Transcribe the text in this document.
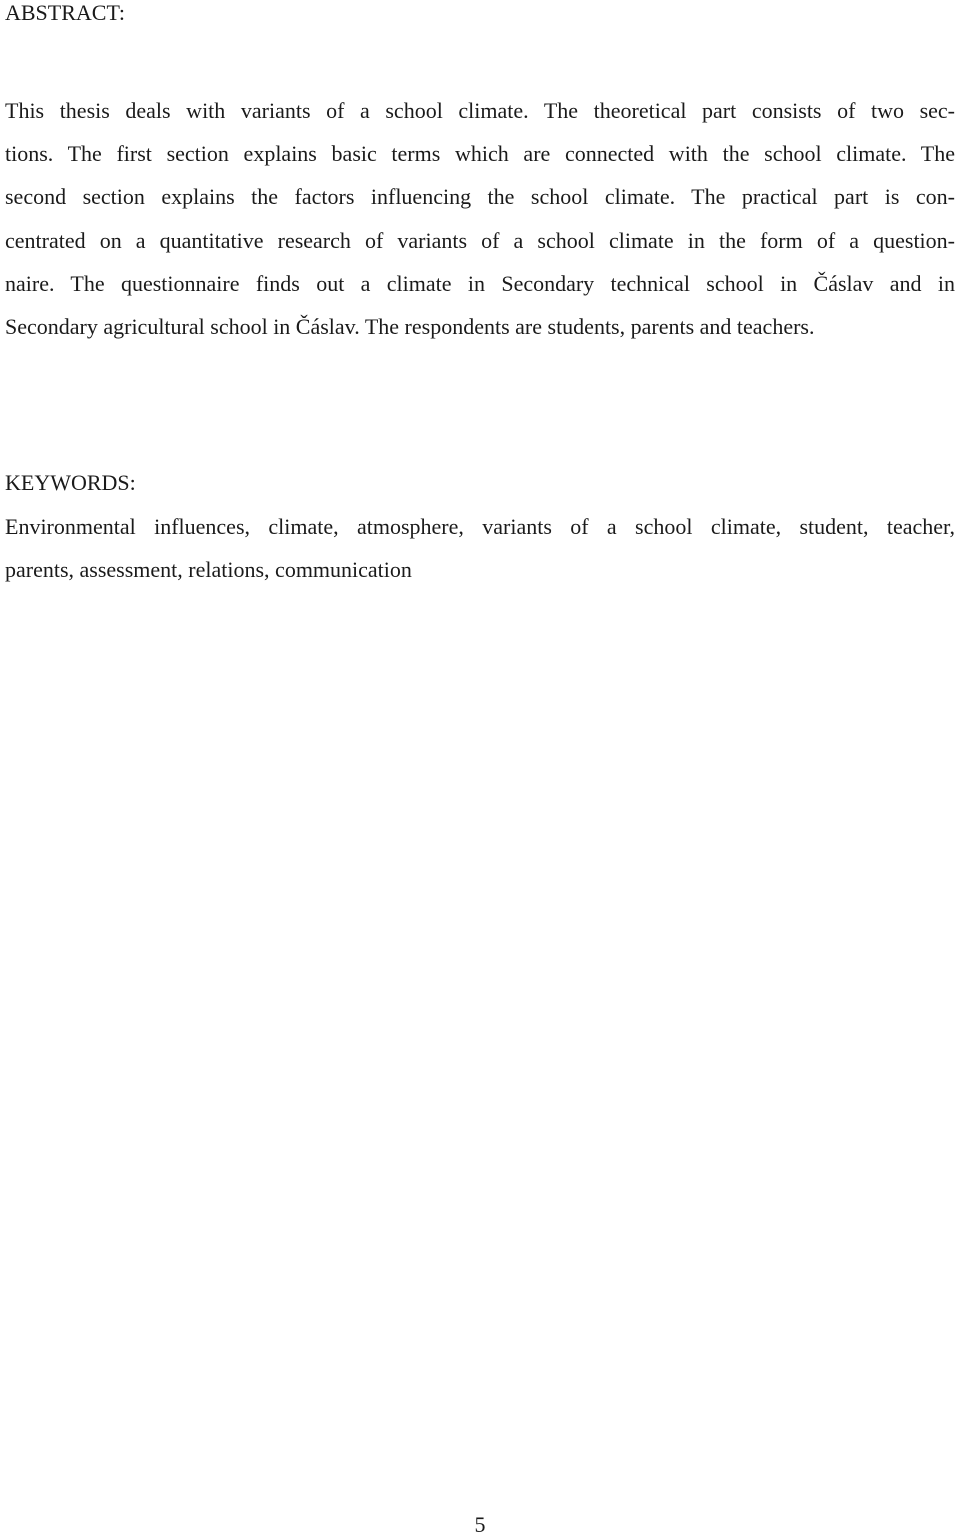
ABSTRACT:
This thesis deals with variants of a school climate. The theoretical part consists of two sec-
tions. The first section explains basic terms which are connected with the school climate. The
second section explains the factors influencing the school climate. The practical part is con-
centrated on a quantitative research of variants of a school climate in the form of a question-
naire. The questionnaire finds out a climate in Secondary technical school in Čáslav and in
Secondary agricultural school in Čáslav. The respondents are students, parents and teachers.
KEYWORDS:
Environmental influences, climate, atmosphere, variants of a school climate, student, teacher,
parents, assessment, relations, communication
5
